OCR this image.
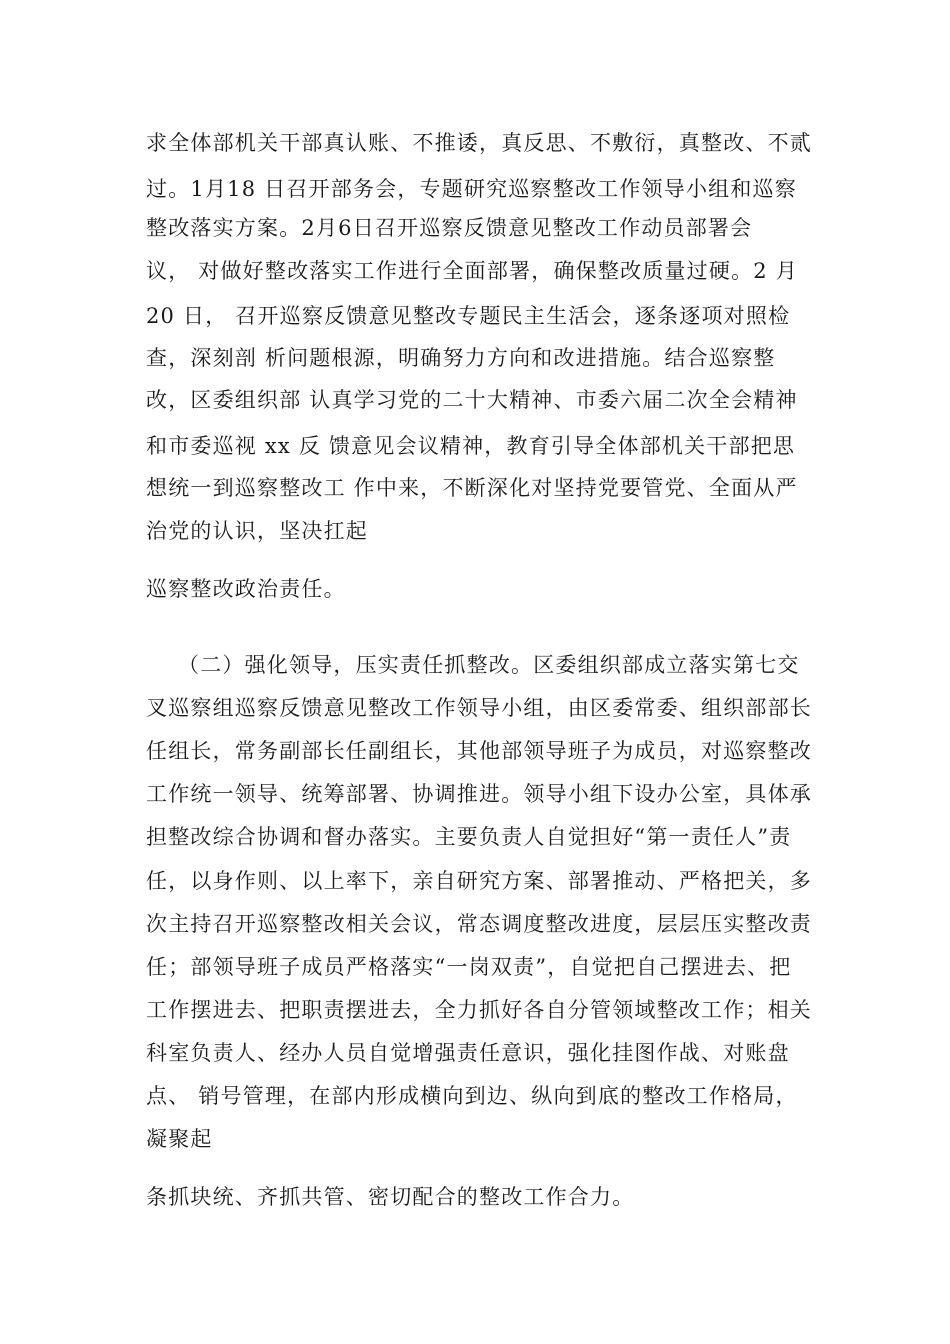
求全体部机关干部真认账、不推诿，真反思、不敷衍，真整改、不贰
过。1月18 日召开部务会，专题研究巡察整改工作领导小组和巡察
整改落实方案。2月6日召开巡察反馈意见整改工作动员部署会
议， 对做好整改落实工作进行全面部署，确保整改质量过硬。2 月
20 日， 召开巡察反馈意见整改专题民主生活会，逐条逐项对照检
查，深刻剖 析问题根源，明确努力方向和改进措施。结合巡察整
改，区委组织部 认真学习党的二十大精神、市委六届二次全会精神
和市委巡视 xx 反 馈意见会议精神，教育引导全体部机关干部把思
想统一到巡察整改工 作中来，不断深化对坚持党要管党、全面从严
治党的认识，坚决扛起
巡察整改政治责任。
（二）强化领导，压实责任抓整改。区委组织部成立落实第七交
叉巡察组巡察反馈意见整改工作领导小组，由区委常委、组织部部长
任组长，常务副部长任副组长，其他部领导班子为成员，对巡察整改
工作统一领导、统筹部署、协调推进。领导小组下设办公室，具体承
担整改综合协调和督办落实。主要负责人自觉担好“第一责任人”责
任，以身作则、以上率下，亲自研究方案、部署推动、严格把关，多
次主持召开巡察整改相关会议，常态调度整改进度，层层压实整改责
任；部领导班子成员严格落实“一岗双责”，自觉把自己摆进去、把
工作摆进去、把职责摆进去，全力抓好各自分管领域整改工作；相关
科室负责人、经办人员自觉增强责任意识，强化挂图作战、对账盘
点、 销号管理，在部内形成横向到边、纵向到底的整改工作格局，
凝聚起
条抓块统、齐抓共管、密切配合的整改工作合力。
